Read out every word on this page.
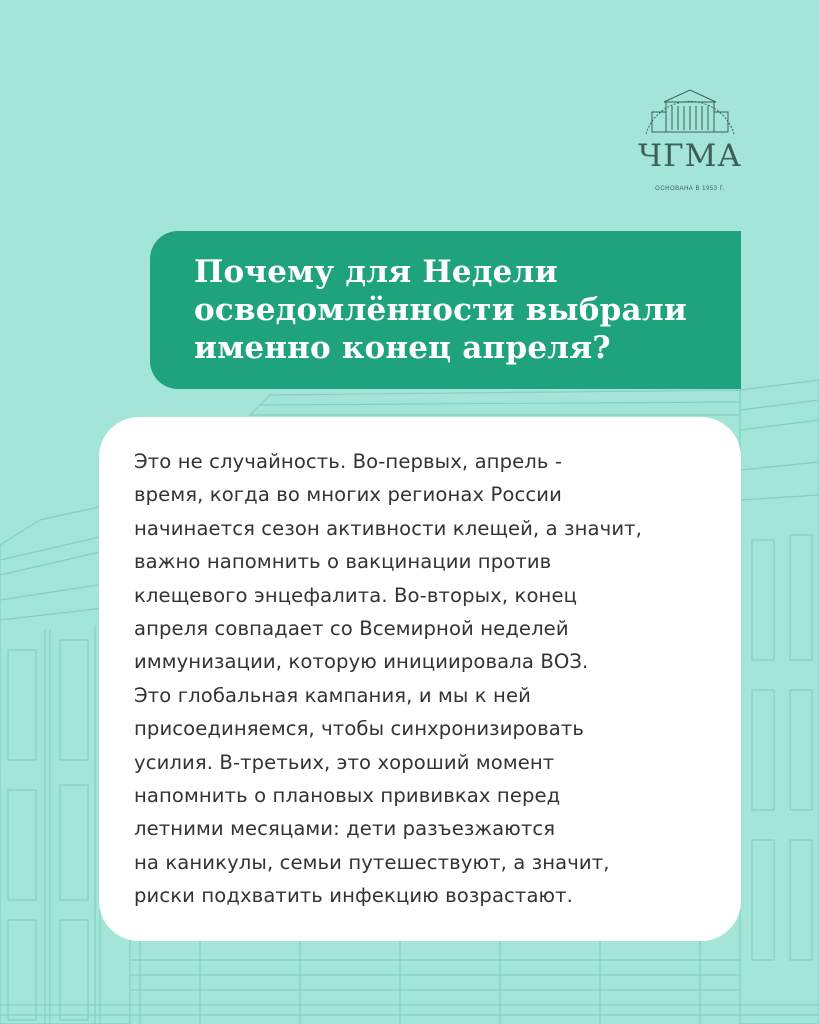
ЧГМА
ОСНОВАНА В 1953 Г.
Почему для Недели
осведомлённости выбрали
именно конец апреля?

Это не случайность. Во-первых, апрель -
время, когда во многих регионах России
начинается сезон активности клещей, а значит,
важно напомнить о вакцинации против
клещевого энцефалита. Во-вторых, конец
апреля совпадает со Всемирной неделей
иммунизации, которую инициировала ВОЗ.
Это глобальная кампания, и мы к ней
присоединяемся, чтобы синхронизировать
усилия. В-третьих, это хороший момент
напомнить о плановых прививках перед
летними месяцами: дети разъезжаются
на каникулы, семьи путешествуют, а значит,
риски подхватить инфекцию возрастают.
